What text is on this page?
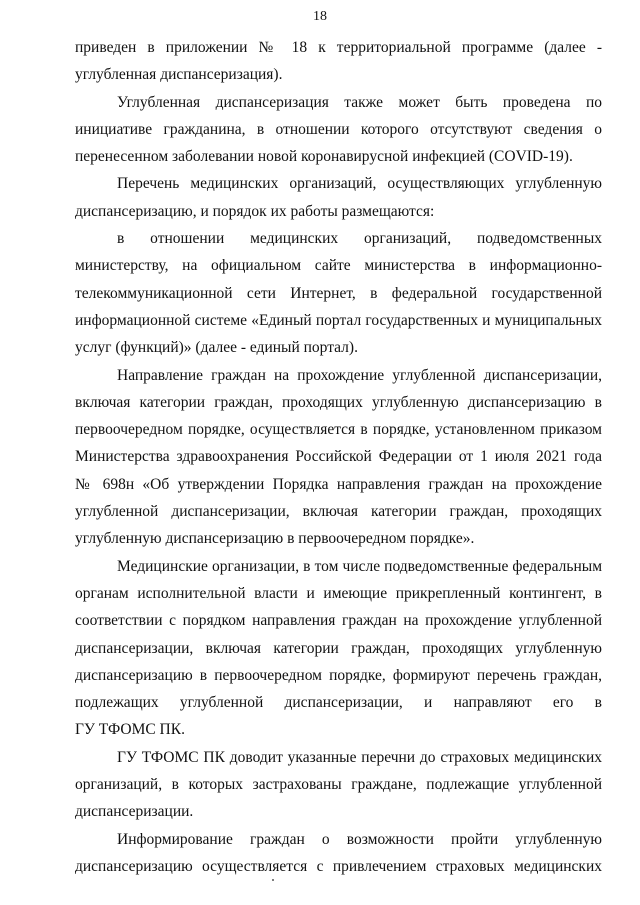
18
приведен в приложении № 18 к территориальной программе (далее -
углубленная диспансеризация).
Углубленная диспансеризация также может быть проведена по
инициативе гражданина, в отношении которого отсутствуют сведения о
перенесенном заболевании новой коронавирусной инфекцией (COVID-19).
Перечень медицинских организаций, осуществляющих углубленную
диспансеризацию, и порядок их работы размещаются:
в отношении медицинских организаций, подведомственных
министерству, на официальном сайте министерства в информационно-
телекоммуникационной сети Интернет, в федеральной государственной
информационной системе «Единый портал государственных и муниципальных
услуг (функций)» (далее - единый портал).
Направление граждан на прохождение углубленной диспансеризации,
включая категории граждан, проходящих углубленную диспансеризацию в
первоочередном порядке, осуществляется в порядке, установленном приказом
Министерства здравоохранения Российской Федерации от 1 июля 2021 года
№ 698н «Об утверждении Порядка направления граждан на прохождение
углубленной диспансеризации, включая категории граждан, проходящих
углубленную диспансеризацию в первоочередном порядке».
Медицинские организации, в том числе подведомственные федеральным
органам исполнительной власти и имеющие прикрепленный контингент, в
соответствии с порядком направления граждан на прохождение углубленной
диспансеризации, включая категории граждан, проходящих углубленную
диспансеризацию в первоочередном порядке, формируют перечень граждан,
подлежащих углубленной диспансеризации, и направляют его в
ГУ ТФОМС ПК.
ГУ ТФОМС ПК доводит указанные перечни до страховых медицинских
организаций, в которых застрахованы граждане, подлежащие углубленной
диспансеризации.
Информирование граждан о возможности пройти углубленную
диспансеризацию осуществляется с привлечением страховых медицинских
